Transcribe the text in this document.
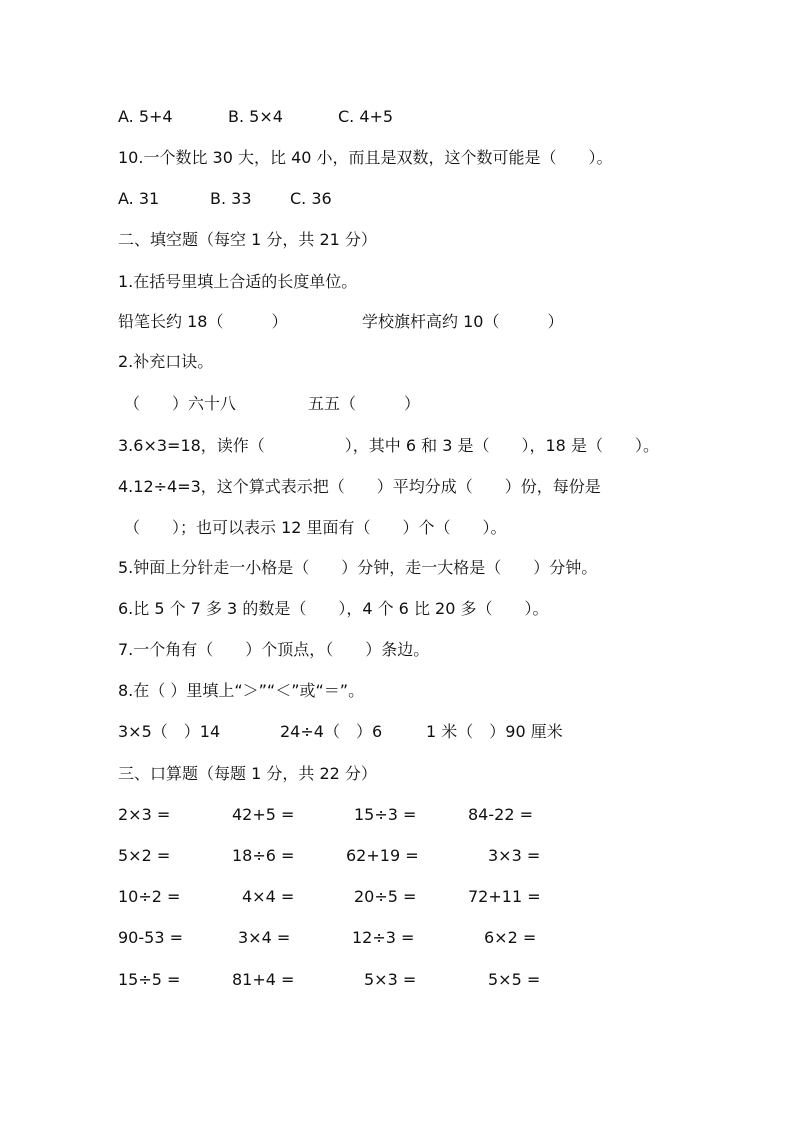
A. 5+4	B. 5×4	C. 4+5
10.一个数比 30 大，比 40 小，而且是双数，这个数可能是（　　）。
A. 31	B. 33 C. 36
二、填空题（每空 1 分，共 21 分）
1.在括号里填上合适的长度单位。
铅笔长约 18（　　　）	学校旗杆高约 10（　　　）
2.补充口诀。
（　　）六十八	五五（　　　）
3.6×3=18，读作（　　　　　），其中 6 和 3 是（　　），18 是（　　）。
4.12÷4=3，这个算式表示把（　　）平均分成（　　）份，每份是
（　　）；也可以表示 12 里面有（　　）个（　　）。
5.钟面上分针走一小格是（　　）分钟，走一大格是（　　）分钟。
6.比 5 个 7 多 3 的数是（　　），4 个 6 比 20 多（　　）。
7.一个角有（　　）个顶点，（　　）条边。
8.在（ ）里填上“＞”“＜”或“＝”。
3×5（　）14	24÷4（　）6	1 米（　）90 厘米
三、口算题（每题 1 分，共 22 分）
2×3 =	42+5 =	15÷3 =	84-22 =
5×2 =	18÷6 =	62+19 =	3×3 =
10÷2 =	4×4 =	20÷5 =	72+11 =
90-53 =	3×4 =	12÷3 =	6×2 =
15÷5 =	81+4 =	5×3 =	5×5 =
